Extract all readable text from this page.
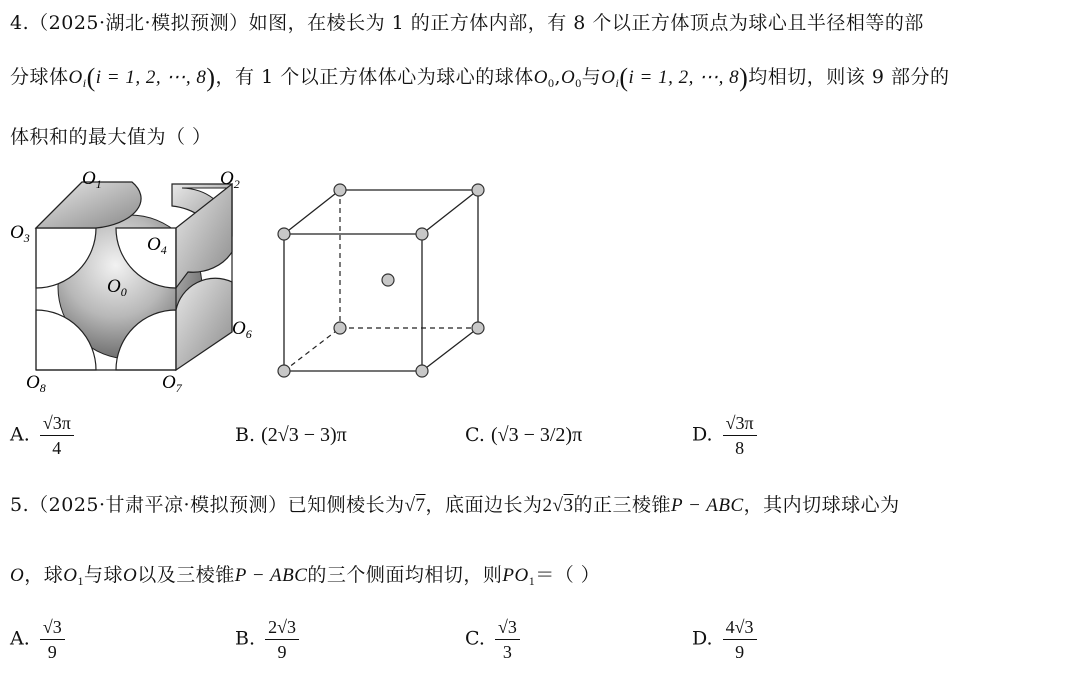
4.（2025·湖北·模拟预测）如图，在棱长为 1 的正方体内部，有 8 个以正方体顶点为球心且半径相等的部
分球体$O_i(i = 1$, 2, ⋯, 8)，有 1 个以正方体体心为球心的球体$O_0,O_0$与$O_i(i = 1$, 2, ⋯, 8)均相切，则该 9 部分的
体积和的最大值为（ ）
$O_1$	$O_2$
$O_3$	$O_4$
$O_0$
$O_6$
$O_8$	$O_7$
A. $\frac{√3\pi}{4}$	B. (2√3 − 3)π	C. (√3 − 3/2)π	D. $\frac{√3\pi}{8}$
5.（2025·甘肃平凉·模拟预测）已知侧棱长为√7，底面边长为2√3的正三棱锥P − ABC，其内切球球心为
O，球$O_1$与球O以及三棱锥P − ABC的三个侧面均相切，则$PO_1=$（ ）
A. $\frac{√3}{9}$	B. $\frac{2√3}{9}$	C. $\frac{√3}{3}$	D. $\frac{4√3}{9}$
